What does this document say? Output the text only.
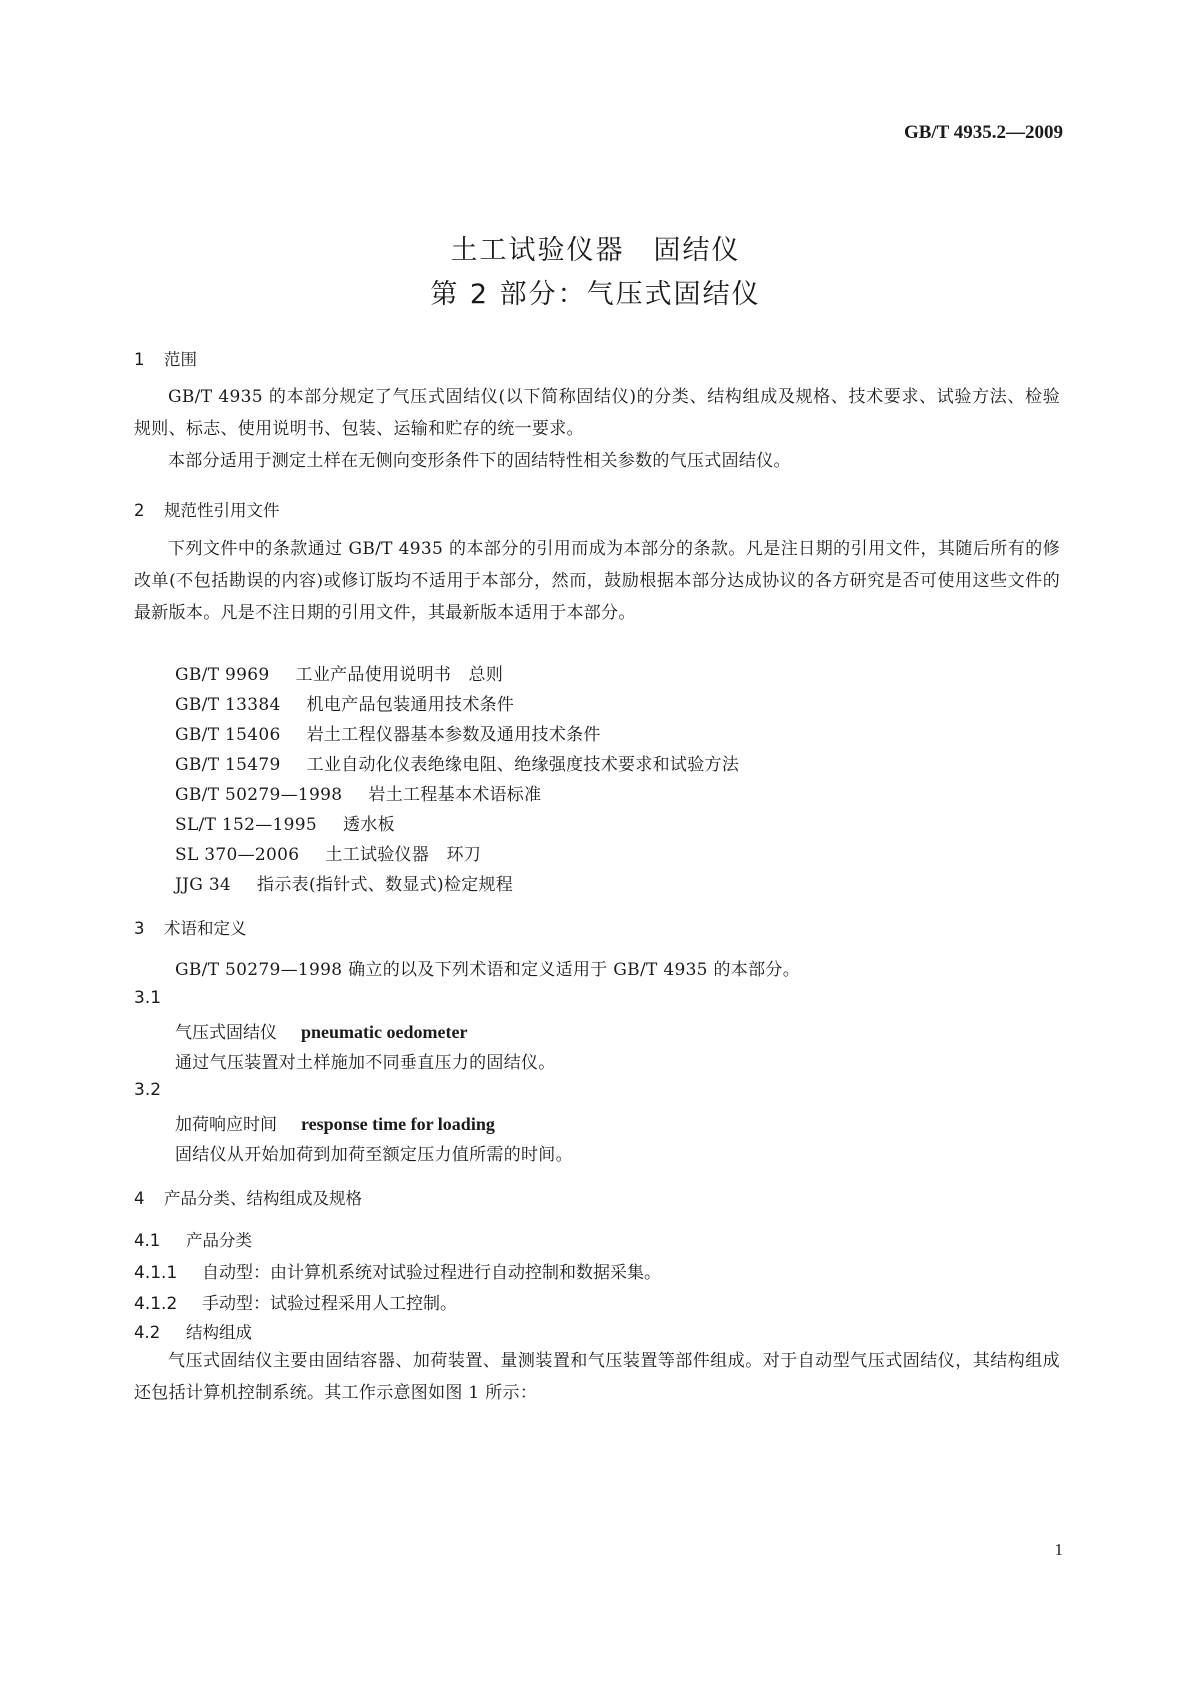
GB/T 4935.2—2009
土工试验仪器　固结仪
第 2 部分：气压式固结仪
1 范围
GB/T 4935 的本部分规定了气压式固结仪(以下简称固结仪)的分类、结构组成及规格、技术要求、试验方法、检验规则、标志、使用说明书、包装、运输和贮存的统一要求。
本部分适用于测定土样在无侧向变形条件下的固结特性相关参数的气压式固结仪。
2 规范性引用文件
下列文件中的条款通过 GB/T 4935 的本部分的引用而成为本部分的条款。凡是注日期的引用文件，其随后所有的修改单(不包括勘误的内容)或修订版均不适用于本部分，然而，鼓励根据本部分达成协议的各方研究是否可使用这些文件的最新版本。凡是不注日期的引用文件，其最新版本适用于本部分。
GB/T 9969 工业产品使用说明书　总则
GB/T 13384 机电产品包装通用技术条件
GB/T 15406 岩土工程仪器基本参数及通用技术条件
GB/T 15479 工业自动化仪表绝缘电阻、绝缘强度技术要求和试验方法
GB/T 50279—1998 岩土工程基本术语标准
SL/T 152—1995 透水板
SL 370—2006 土工试验仪器　环刀
JJG 34 指示表(指针式、数显式)检定规程
3 术语和定义
GB/T 50279—1998 确立的以及下列术语和定义适用于 GB/T 4935 的本部分。
3.1
气压式固结仪 pneumatic oedometer
通过气压装置对土样施加不同垂直压力的固结仪。
3.2
加荷响应时间 response time for loading
固结仪从开始加荷到加荷至额定压力值所需的时间。
4 产品分类、结构组成及规格
4.1 产品分类
4.1.1 自动型：由计算机系统对试验过程进行自动控制和数据采集。
4.1.2 手动型：试验过程采用人工控制。
4.2 结构组成
气压式固结仪主要由固结容器、加荷装置、量测装置和气压装置等部件组成。对于自动型气压式固结仪，其结构组成还包括计算机控制系统。其工作示意图如图 1 所示：
1
